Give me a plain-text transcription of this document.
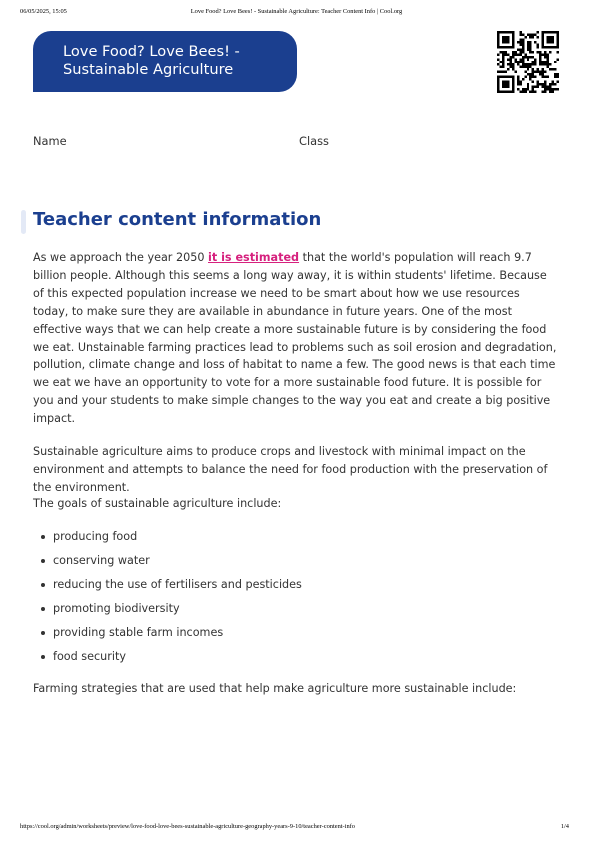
06/05/2025, 15:05	Love Food? Love Bees! - Sustainable Agriculture: Teacher Content Info | Cool.org
Love Food? Love Bees! -
Sustainable Agriculture
Name	Class
Teacher content information

As we approach the year 2050 it is estimated that the world's population will reach 9.7 billion people. Although this seems a long way away, it is within students' lifetime. Because of this expected population increase we need to be smart about how we use resources today, to make sure they are available in abundance in future years. One of the most effective ways that we can help create a more sustainable future is by considering the food we eat. Unstainable farming practices lead to problems such as soil erosion and degradation, pollution, climate change and loss of habitat to name a few. The good news is that each time we eat we have an opportunity to vote for a more sustainable food future. It is possible for you and your students to make simple changes to the way you eat and create a big positive impact.

Sustainable agriculture aims to produce crops and livestock with minimal impact on the environment and attempts to balance the need for food production with the preservation of the environment.

The goals of sustainable agriculture include:

producing food
conserving water
reducing the use of fertilisers and pesticides
promoting biodiversity
providing stable farm incomes
food security

Farming strategies that are used that help make agriculture more sustainable include:

https://cool.org/admin/worksheets/preview/love-food-love-bees-sustainable-agriculture-geography-years-9-10/teacher-content-info	1/4
